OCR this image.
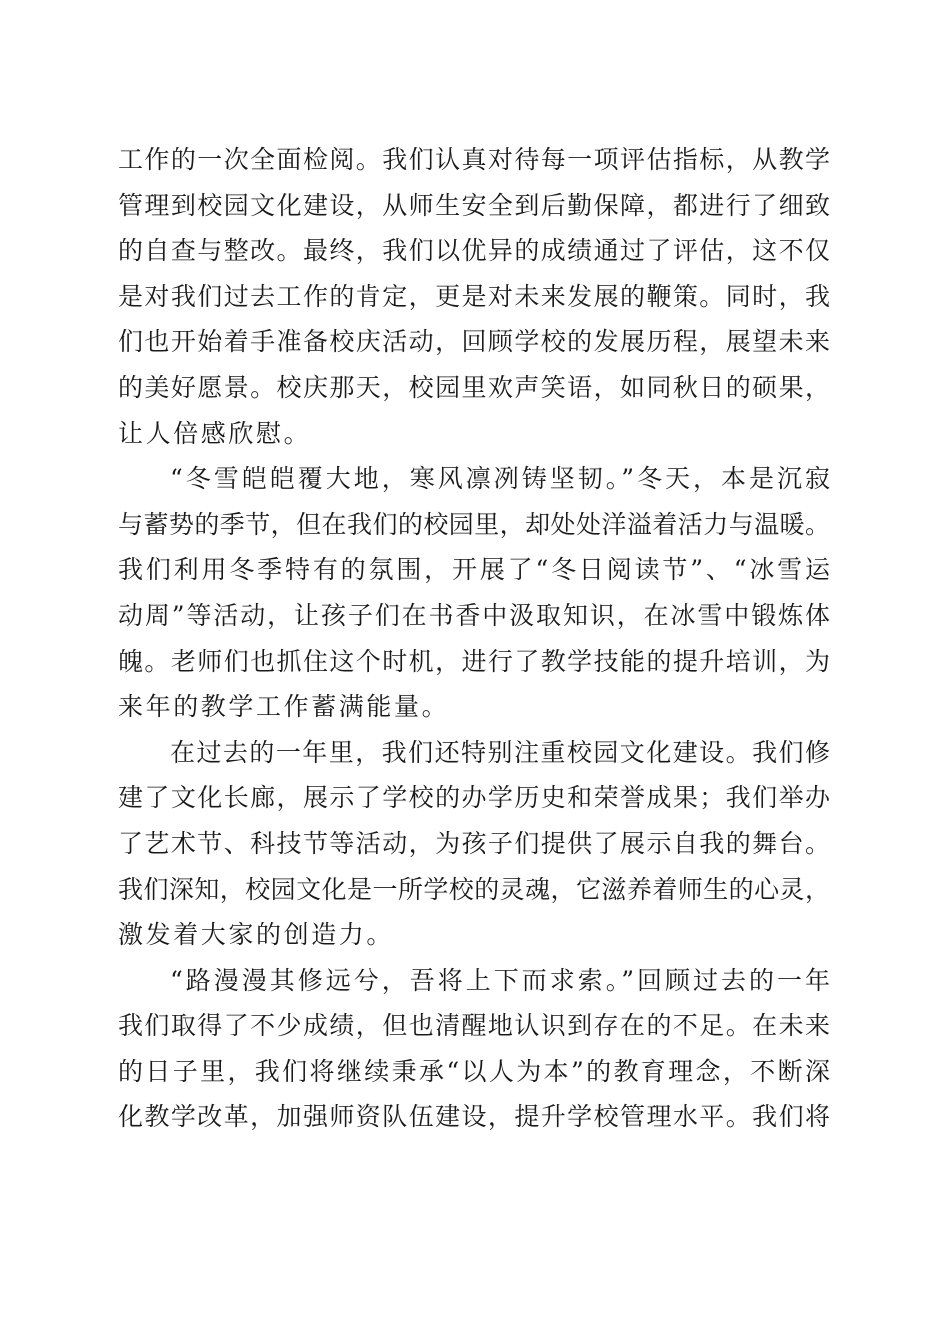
工作的一次全面检阅。我们认真对待每一项评估指标，从教学
管理到校园文化建设，从师生安全到后勤保障，都进行了细致
的自查与整改。最终，我们以优异的成绩通过了评估，这不仅
是对我们过去工作的肯定，更是对未来发展的鞭策。同时，我
们也开始着手准备校庆活动，回顾学校的发展历程，展望未来
的美好愿景。校庆那天，校园里欢声笑语，如同秋日的硕果，
让人倍感欣慰。
“冬雪皑皑覆大地，寒风凛冽铸坚韧。”冬天，本是沉寂
与蓄势的季节，但在我们的校园里，却处处洋溢着活力与温暖。
我们利用冬季特有的氛围，开展了“冬日阅读节”、“冰雪运
动周”等活动，让孩子们在书香中汲取知识，在冰雪中锻炼体
魄。老师们也抓住这个时机，进行了教学技能的提升培训，为
来年的教学工作蓄满能量。
在过去的一年里，我们还特别注重校园文化建设。我们修
建了文化长廊，展示了学校的办学历史和荣誉成果；我们举办
了艺术节、科技节等活动，为孩子们提供了展示自我的舞台。
我们深知，校园文化是一所学校的灵魂，它滋养着师生的心灵，
激发着大家的创造力。
“路漫漫其修远兮，吾将上下而求索。”回顾过去的一年
我们取得了不少成绩，但也清醒地认识到存在的不足。在未来
的日子里，我们将继续秉承“以人为本”的教育理念，不断深
化教学改革，加强师资队伍建设，提升学校管理水平。我们将
